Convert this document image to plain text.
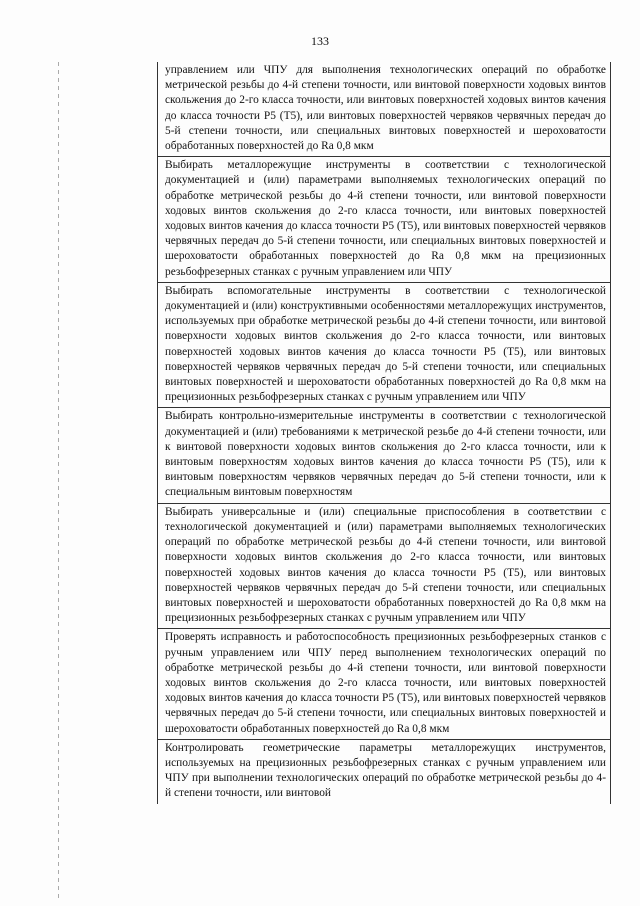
133
управлением или ЧПУ для выполнения технологических операций по обработке метрической резьбы до 4-й степени точности, или винтовой поверхности ходовых винтов скольжения до 2-го класса точности, или винтовых поверхностей ходовых винтов качения до класса точности P5 (T5), или винтовых поверхностей червяков червячных передач до 5-й степени точности, или специальных винтовых поверхностей и шероховатости обработанных поверхностей до Ra 0,8 мкм
Выбирать металлорежущие инструменты в соответствии с технологической документацией и (или) параметрами выполняемых технологических операций по обработке метрической резьбы до 4-й степени точности, или винтовой поверхности ходовых винтов скольжения до 2-го класса точности, или винтовых поверхностей ходовых винтов качения до класса точности P5 (T5), или винтовых поверхностей червяков червячных передач до 5-й степени точности, или специальных винтовых поверхностей и шероховатости обработанных поверхностей до Ra 0,8 мкм на прецизионных резьбофрезерных станках с ручным управлением или ЧПУ
Выбирать вспомогательные инструменты в соответствии с технологической документацией и (или) конструктивными особенностями металлорежущих инструментов, используемых при обработке метрической резьбы до 4-й степени точности, или винтовой поверхности ходовых винтов скольжения до 2-го класса точности, или винтовых поверхностей ходовых винтов качения до класса точности P5 (T5), или винтовых поверхностей червяков червячных передач до 5-й степени точности, или специальных винтовых поверхностей и шероховатости обработанных поверхностей до Ra 0,8 мкм на прецизионных резьбофрезерных станках с ручным управлением или ЧПУ
Выбирать контрольно-измерительные инструменты в соответствии с технологической документацией и (или) требованиями к метрической резьбе до 4-й степени точности, или к винтовой поверхности ходовых винтов скольжения до 2-го класса точности, или к винтовым поверхностям ходовых винтов качения до класса точности P5 (T5), или к винтовым поверхностям червяков червячных передач до 5-й степени точности, или к специальным винтовым поверхностям
Выбирать универсальные и (или) специальные приспособления в соответствии с технологической документацией и (или) параметрами выполняемых технологических операций по обработке метрической резьбы до 4-й степени точности, или винтовой поверхности ходовых винтов скольжения до 2-го класса точности, или винтовых поверхностей ходовых винтов качения до класса точности P5 (T5), или винтовых поверхностей червяков червячных передач до 5-й степени точности, или специальных винтовых поверхностей и шероховатости обработанных поверхностей до Ra 0,8 мкм на прецизионных резьбофрезерных станках с ручным управлением или ЧПУ
Проверять исправность и работоспособность прецизионных резьбофрезерных станков с ручным управлением или ЧПУ перед выполнением технологических операций по обработке метрической резьбы до 4-й степени точности, или винтовой поверхности ходовых винтов скольжения до 2-го класса точности, или винтовых поверхностей ходовых винтов качения до класса точности P5 (T5), или винтовых поверхностей червяков червячных передач до 5-й степени точности, или специальных винтовых поверхностей и шероховатости обработанных поверхностей до Ra 0,8 мкм
Контролировать геометрические параметры металлорежущих инструментов, используемых на прецизионных резьбофрезерных станках с ручным управлением или ЧПУ при выполнении технологических операций по обработке метрической резьбы до 4-й степени точности, или винтовой
